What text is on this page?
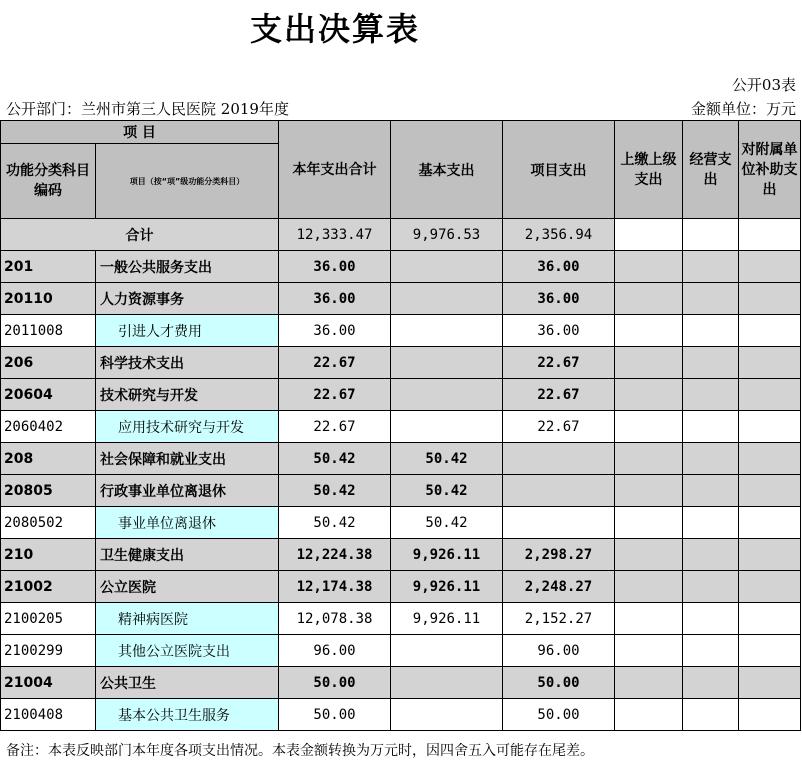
支出决算表
公开03表
公开部门：兰州市第三人民医院 2019年度	金额单位：万元
项 目		本年支出合计	基本支出	项目支出	上缴上级支出	经营支出	对附属单位补助支出
功能分类科目编码	项目（按“项”级功能分类科目）						
合计		12,333.47	9,976.53	2,356.94			
201	一般公共服务支出	36.00		36.00			
20110	人力资源事务	36.00		36.00			
2011008	引进人才费用	36.00		36.00			
206	科学技术支出	22.67		22.67			
20604	技术研究与开发	22.67		22.67			
2060402	应用技术研究与开发	22.67		22.67			
208	社会保障和就业支出	50.42	50.42				
20805	行政事业单位离退休	50.42	50.42				
2080502	事业单位离退休	50.42	50.42				
210	卫生健康支出	12,224.38	9,926.11	2,298.27			
21002	公立医院	12,174.38	9,926.11	2,248.27			
2100205	精神病医院	12,078.38	9,926.11	2,152.27			
2100299	其他公立医院支出	96.00		96.00			
21004	公共卫生	50.00		50.00			
2100408	基本公共卫生服务	50.00		50.00			
备注：本表反映部门本年度各项支出情况。本表金额转换为万元时，因四舍五入可能存在尾差。
